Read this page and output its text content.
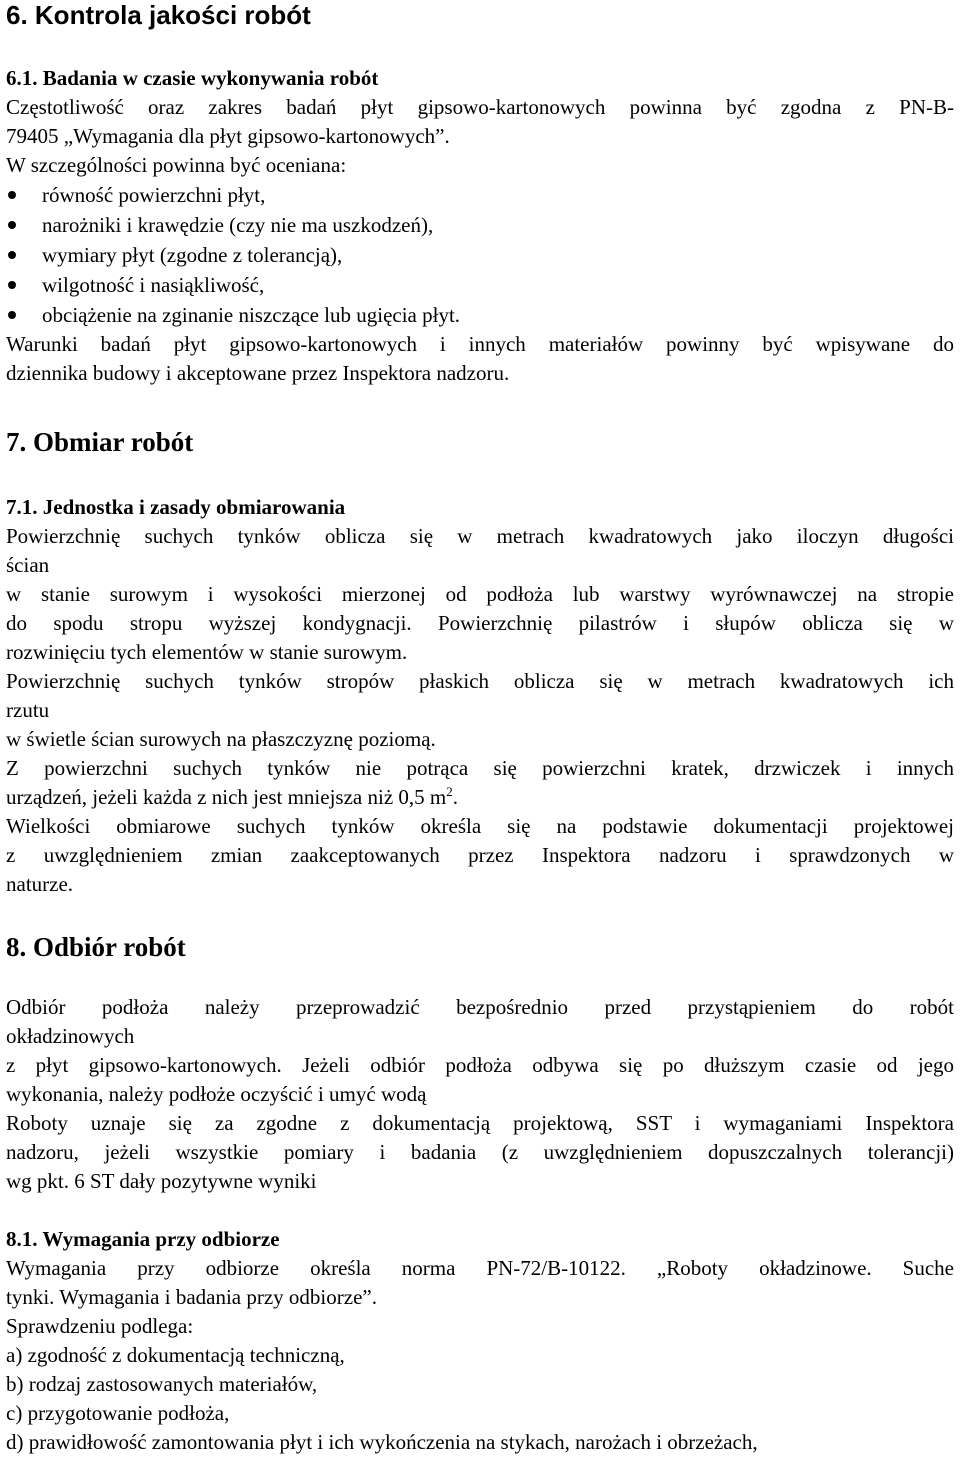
6. Kontrola jakości robót

6.1. Badania w czasie wykonywania robót

Częstotliwość oraz zakres badań płyt gipsowo-kartonowych powinna być zgodna z PN-B-

79405 „Wymagania dla płyt gipsowo-kartonowych”.

W szczególności powinna być oceniana:

równość powierzchni płyt,
narożniki i krawędzie (czy nie ma uszkodzeń),
wymiary płyt (zgodne z tolerancją),
wilgotność i nasiąkliwość,
obciążenie na zginanie niszczące lub ugięcia płyt.

Warunki badań płyt gipsowo-kartonowych i innych materiałów powinny być wpisywane do

dziennika budowy i akceptowane przez Inspektora nadzoru.

7. Obmiar robót

7.1. Jednostka i zasady obmiarowania

Powierzchnię suchych tynków oblicza się w metrach kwadratowych jako iloczyn długości

ścian

w stanie surowym i wysokości mierzonej od podłoża lub warstwy wyrównawczej na stropie

do spodu stropu wyższej kondygnacji. Powierzchnię pilastrów i słupów oblicza się w

rozwinięciu tych elementów w stanie surowym.

Powierzchnię suchych tynków stropów płaskich oblicza się w metrach kwadratowych ich

rzutu

w świetle ścian surowych na płaszczyznę poziomą.

Z powierzchni suchych tynków nie potrąca się powierzchni kratek, drzwiczek i innych

urządzeń, jeżeli każda z nich jest mniejsza niż 0,5 $m^2$.

Wielkości obmiarowe suchych tynków określa się na podstawie dokumentacji projektowej

z uwzględnieniem zmian zaakceptowanych przez Inspektora nadzoru i sprawdzonych w

naturze.

8. Odbiór robót

Odbiór podłoża należy przeprowadzić bezpośrednio przed przystąpieniem do robót

okładzinowych

z płyt gipsowo-kartonowych. Jeżeli odbiór podłoża odbywa się po dłuższym czasie od jego

wykonania, należy podłoże oczyścić i umyć wodą

Roboty uznaje się za zgodne z dokumentacją projektową, SST i wymaganiami Inspektora

nadzoru, jeżeli wszystkie pomiary i badania (z uwzględnieniem dopuszczalnych tolerancji)

wg pkt. 6 ST dały pozytywne wyniki

8.1. Wymagania przy odbiorze

Wymagania przy odbiorze określa norma PN-72/B-10122. „Roboty okładzinowe. Suche

tynki. Wymagania i badania przy odbiorze”.

Sprawdzeniu podlega:

a) zgodność z dokumentacją techniczną,

b) rodzaj zastosowanych materiałów,

c) przygotowanie podłoża,

d) prawidłowość zamontowania płyt i ich wykończenia na stykach, narożach i obrzeżach,
